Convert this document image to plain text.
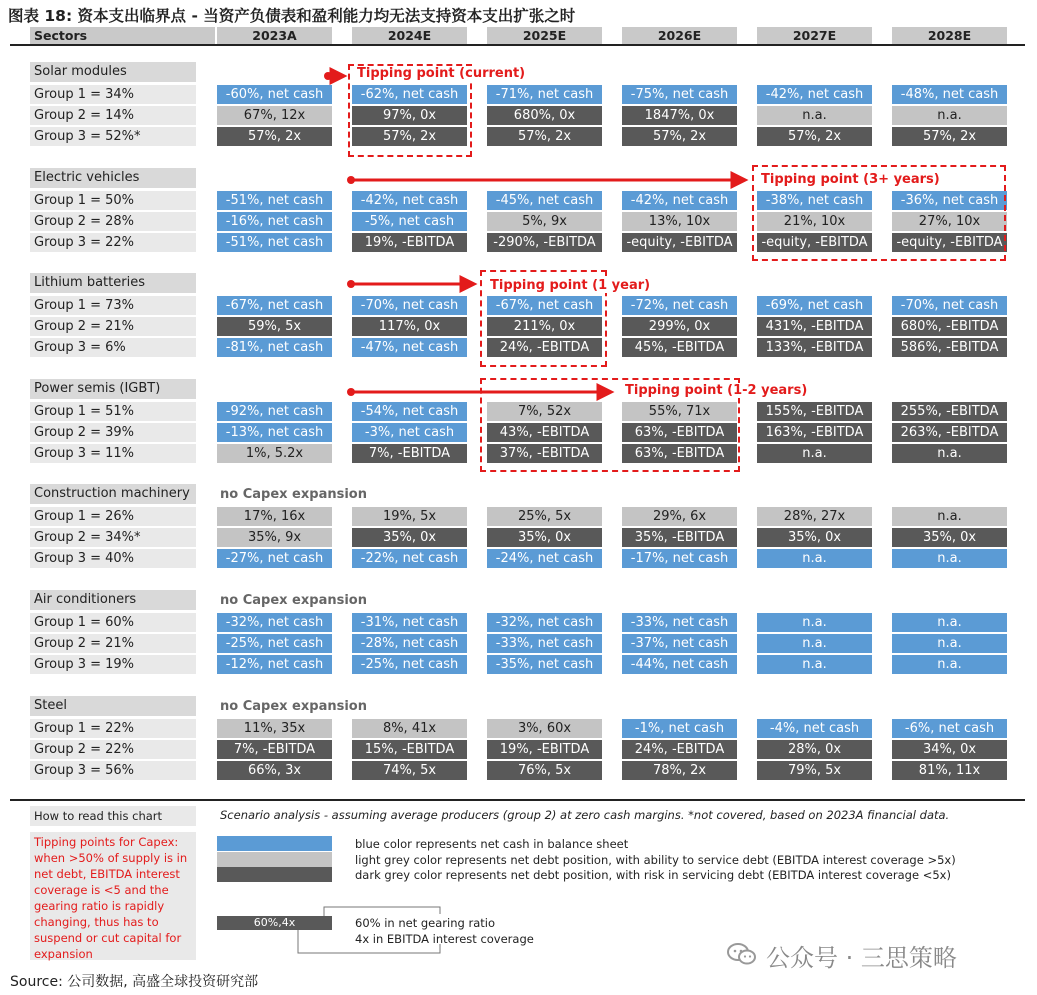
图表 18: 资本支出临界点 - 当资产负债表和盈利能力均无法支持资本支出扩张之时
Sectors	2023A	2024E	2025E	2026E	2027E	2028E
Solar modules
Group 1 = 34%	-60%, net cash	-62%, net cash	-71%, net cash	-75%, net cash	-42%, net cash	-48%, net cash
Group 2 = 14%	67%, 12x	97%, 0x	680%, 0x	1847%, 0x	n.a.	n.a.
Group 3 = 52%*	57%, 2x	57%, 2x	57%, 2x	57%, 2x	57%, 2x	57%, 2x
Electric vehicles
Group 1 = 50%	-51%, net cash	-42%, net cash	-45%, net cash	-42%, net cash	-38%, net cash	-36%, net cash
Group 2 = 28%	-16%, net cash	-5%, net cash	5%, 9x	13%, 10x	21%, 10x	27%, 10x
Group 3 = 22%	-51%, net cash	19%, -EBITDA	-290%, -EBITDA	-equity, -EBITDA	-equity, -EBITDA	-equity, -EBITDA
Lithium batteries
Group 1 = 73%	-67%, net cash	-70%, net cash	-67%, net cash	-72%, net cash	-69%, net cash	-70%, net cash
Group 2 = 21%	59%, 5x	117%, 0x	211%, 0x	299%, 0x	431%, -EBITDA	680%, -EBITDA
Group 3 = 6%	-81%, net cash	-47%, net cash	24%, -EBITDA	45%, -EBITDA	133%, -EBITDA	586%, -EBITDA
Power semis (IGBT)
Group 1 = 51%	-92%, net cash	-54%, net cash	7%, 52x	55%, 71x	155%, -EBITDA	255%, -EBITDA
Group 2 = 39%	-13%, net cash	-3%, net cash	43%, -EBITDA	63%, -EBITDA	163%, -EBITDA	263%, -EBITDA
Group 3 = 11%	1%, 5.2x	7%, -EBITDA	37%, -EBITDA	63%, -EBITDA	n.a.	n.a.
Construction machinery	no Capex expansion
Group 1 = 26%	17%, 16x	19%, 5x	25%, 5x	29%, 6x	28%, 27x	n.a.
Group 2 = 34%*	35%, 9x	35%, 0x	35%, 0x	35%, -EBITDA	35%, 0x	35%, 0x
Group 3 = 40%	-27%, net cash	-22%, net cash	-24%, net cash	-17%, net cash	n.a.	n.a.
Air conditioners	no Capex expansion
Group 1 = 60%	-32%, net cash	-31%, net cash	-32%, net cash	-33%, net cash	n.a.	n.a.
Group 2 = 21%	-25%, net cash	-28%, net cash	-33%, net cash	-37%, net cash	n.a.	n.a.
Group 3 = 19%	-12%, net cash	-25%, net cash	-35%, net cash	-44%, net cash	n.a.	n.a.
Steel	no Capex expansion
Group 1 = 22%	11%, 35x	8%, 41x	3%, 60x	-1%, net cash	-4%, net cash	-6%, net cash
Group 2 = 22%	7%, -EBITDA	15%, -EBITDA	19%, -EBITDA	24%, -EBITDA	28%, 0x	34%, 0x
Group 3 = 56%	66%, 3x	74%, 5x	76%, 5x	78%, 2x	79%, 5x	81%, 11x
Tipping point (current)
Tipping point (3+ years)
Tipping point (1 year)
Tipping point (1-2 years)
How to read this chart	Scenario analysis - assuming average producers (group 2) at zero cash margins. *not covered, based on 2023A financial data.
Tipping points for Capex: when >50% of supply is in net debt, EBITDA interest coverage is <5 and the gearing ratio is rapidly changing, thus has to suspend or cut capital for expansion
blue color represents net cash in balance sheet
light grey color represents net debt position, with ability to service debt (EBITDA interest coverage >5x)
dark grey color represents net debt position, with risk in servicing debt (EBITDA interest coverage <5x)
60%,4x	60% in net gearing ratio
4x in EBITDA interest coverage
公众号 · 三思策略
Source: 公司数据, 高盛全球投资研究部
